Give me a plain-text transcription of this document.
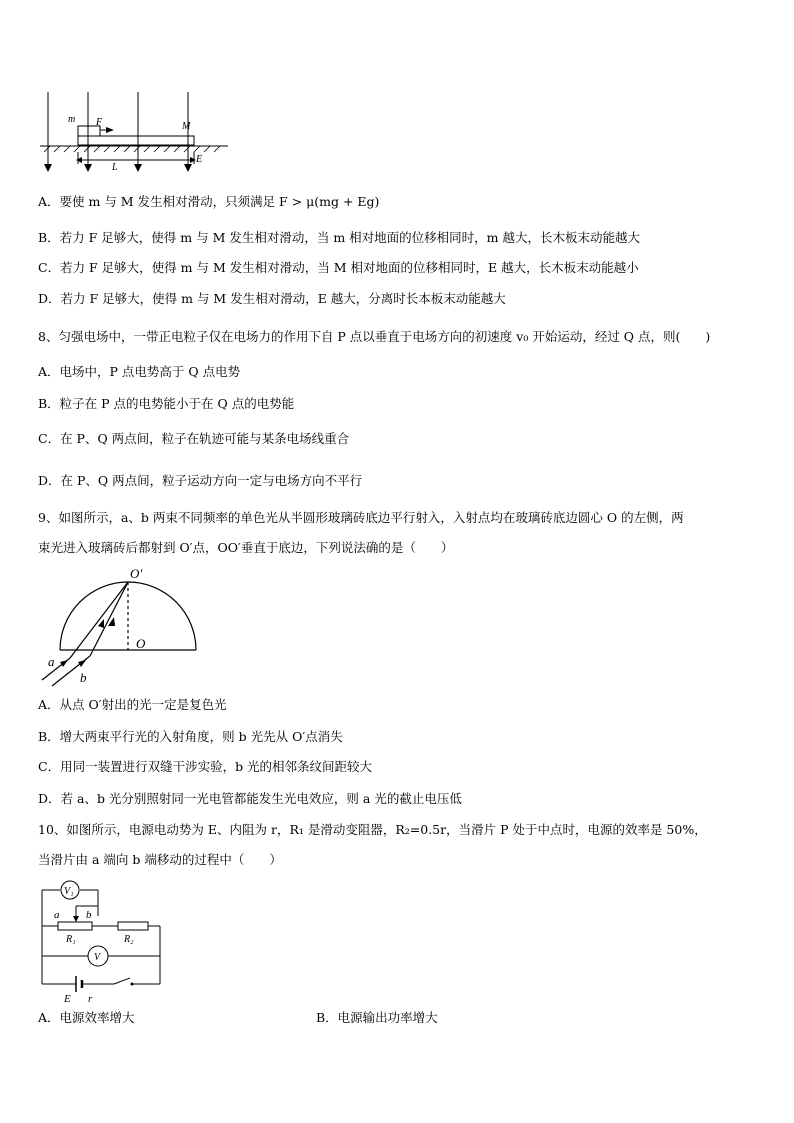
m F	M
L
E
A．要使 m 与 M 发生相对滑动，只须满足 F > μ(mg + Eg)
B．若力 F 足够大，使得 m 与 M 发生相对滑动，当 m 相对地面的位移相同时，m 越大，长木板末动能越大
C．若力 F 足够大，使得 m 与 M 发生相对滑动，当 M 相对地面的位移相同时，E 越大，长木板末动能越小
D．若力 F 足够大，使得 m 与 M 发生相对滑动，E 越大，分离时长本板末动能越大
8、匀强电场中，一带正电粒子仅在电场力的作用下自 P 点以垂直于电场方向的初速度 v₀ 开始运动，经过 Q 点，则(　　)
A．电场中，P 点电势高于 Q 点电势
B．粒子在 P 点的电势能小于在 Q 点的电势能
C．在 P、Q 两点间，粒子在轨迹可能与某条电场线重合
D．在 P、Q 两点间，粒子运动方向一定与电场方向不平行
9、如图所示，a、b 两束不同频率的单色光从半圆形玻璃砖底边平行射入，入射点均在玻璃砖底边圆心 O 的左侧，两
束光进入玻璃砖后都射到 O′点，OO′垂直于底边，下列说法确的是（　　）
O′
O
a
b
A．从点 O′射出的光一定是复色光
B．增大两束平行光的入射角度，则 b 光先从 O′点消失
C．用同一装置进行双缝干涉实验，b 光的相邻条纹间距较大
D．若 a、b 光分别照射同一光电管都能发生光电效应，则 a 光的截止电压低
10、如图所示，电源电动势为 E、内阻为 r，R₁ 是滑动变阻器，R₂=0.5r，当滑片 P 处于中点时，电源的效率是 50%，
当滑片由 a 端向 b 端移动的过程中（　　）
V₁
a b
R₁	R₂
V
E r
A．电源效率增大	B．电源输出功率增大
